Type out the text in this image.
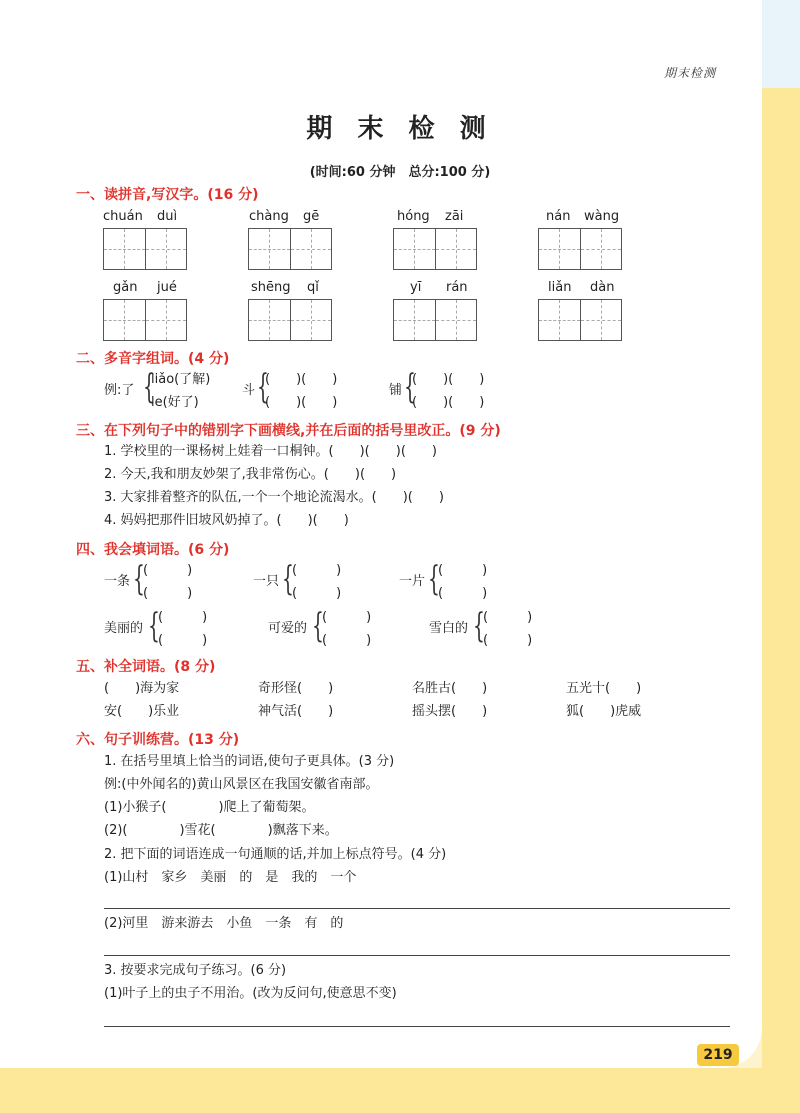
期末检测
期 末 检 测
(时间:60 分钟　总分:100 分)
一、读拼音,写汉字。(16 分)
chuán duì	chàng gē	hóng zāi	nán wàng
gǎn jué	shēng qǐ	yī rán	liǎn dàn
二、多音字组词。(4 分)
例:了 {
liǎo(了解)
le(好了)
斗 {
(　　)(　　)
(　　)(　　)
铺 {
(　　)(　　)
(　　)(　　)
三、在下列句子中的错别字下画横线,并在后面的括号里改正。(9 分)
1. 学校里的一课杨树上娃着一口桐钟。(　　)(　　)(　　)
2. 今天,我和朋友妙架了,我非常伤心。(　　)(　　)
3. 大家排着整齐的队伍,一个一个地论流渴水。(　　)(　　)
4. 妈妈把那件旧坡风奶掉了。(　　)(　　)
四、我会填词语。(6 分)
一条 {
(　　　)
(　　　)
一只 {
(　　　)
(　　　)
一片 {
(　　　)
(　　　)
美丽的 {
(　　　)
(　　　)
可爱的 {
(　　　)
(　　　)
雪白的 {
(　　　)
(　　　)
五、补全词语。(8 分)
(　　)海为家	奇形怪(　　)	名胜古(　　)	五光十(　　)
安(　　)乐业	神气活(　　)	摇头摆(　　)	狐(　　)虎威
六、句子训练营。(13 分)
1. 在括号里填上恰当的词语,使句子更具体。(3 分)
例:(中外闻名的)黄山风景区在我国安徽省南部。
(1)小猴子(　　　　)爬上了葡萄架。
(2)(　　　　)雪花(　　　　)飘落下来。
2. 把下面的词语连成一句通顺的话,并加上标点符号。(4 分)
(1)山村　家乡　美丽　的　是　我的　一个
(2)河里　游来游去　小鱼　一条　有　的
3. 按要求完成句子练习。(6 分)
(1)叶子上的虫子不用治。(改为反问句,使意思不变)
219
